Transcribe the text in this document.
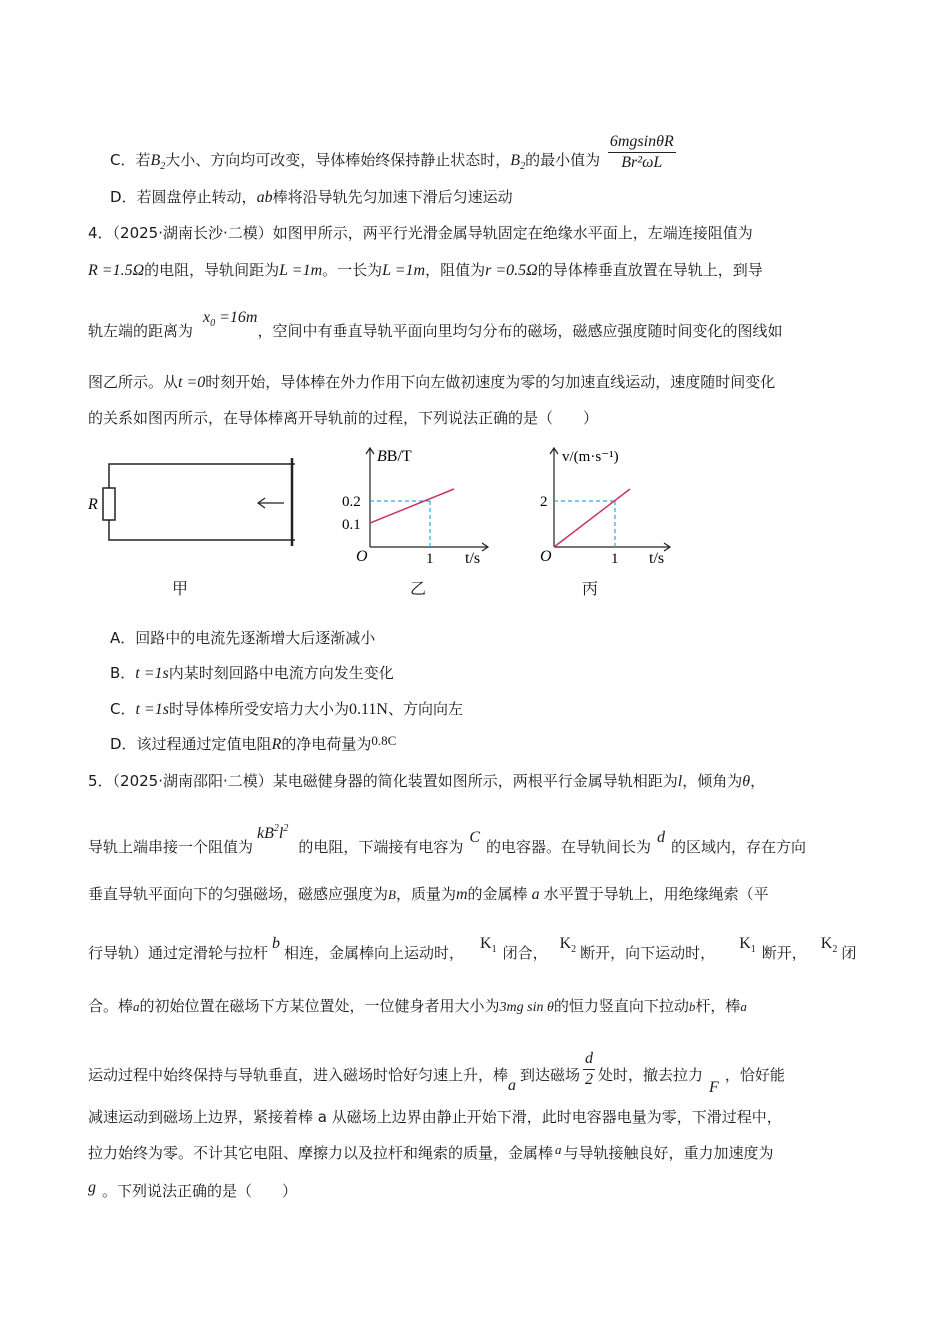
C．若$B_2$大小、方向均可改变，导体棒始终保持静止状态时，$B_2$的最小值为 $\frac{6mgsin\theta R}{\text{Br²ωL}}$
D．若圆盘停止转动，ab棒将沿导轨先匀加速下滑后匀速运动
4．（2025·湖南长沙·二模）如图甲所示，两平行光滑金属导轨固定在绝缘水平面上，左端连接阻值为
R =1.5Ω的电阻，导轨间距为L =1m。一长为L =1m，阻值为r =0.5Ω的导体棒垂直放置在导轨上，到导
轨左端的距离为$x_0 =16m$，空间中有垂直导轨平面向里均匀分布的磁场，磁感应强度随时间变化的图线如
图乙所示。从t =0时刻开始，导体棒在外力作用下向左做初速度为零的匀加速直线运动，速度随时间变化
的关系如图丙所示，在导体棒离开导轨前的过程，下列说法正确的是（　　）
R
甲
BB/T
0.2
0.1
O	1 t/s
乙
v/(m·s⁻¹)
2
O	1 t/s
丙
A．回路中的电流先逐渐增大后逐渐减小
B．t =1s内某时刻回路中电流方向发生变化
C．t =1s时导体棒所受安培力大小为0.11N、方向向左
D．该过程通过定值电阻R的净电荷量为0.8C
5．（2025·湖南邵阳·二模）某电磁健身器的简化装置如图所示，两根平行金属导轨相距为l，倾角为θ，
导轨上端串接一个阻值为$kB^2l^2$的电阻，下端接有电容为C的电容器。在导轨间长为d的区域内，存在方向
垂直导轨平面向下的匀强磁场，磁感应强度为B，质量为m的金属棒 a 水平置于导轨上，用绝缘绳索（平
行导轨）通过定滑轮与拉杆b相连，金属棒向上运动时，$K_1$ 闭合，$K_2$ 断开，向下运动时，$K_1$ 断开，$K_2$ 闭
合。棒a的初始位置在磁场下方某位置处，一位健身者用大小为3mg sin θ的恒力竖直向下拉动b杆，棒a
运动过程中始终保持与导轨垂直，进入磁场时恰好匀速上升，棒a到达磁场 $\frac{d}{2}$ 处时，撤去拉力F，恰好能
减速运动到磁场上边界，紧接着棒 a 从磁场上边界由静止开始下滑，此时电容器电量为零，下滑过程中，
拉力始终为零。不计其它电阻、摩擦力以及拉杆和绳索的质量，金属棒 a 与导轨接触良好，重力加速度为
g 。下列说法正确的是（　　）
